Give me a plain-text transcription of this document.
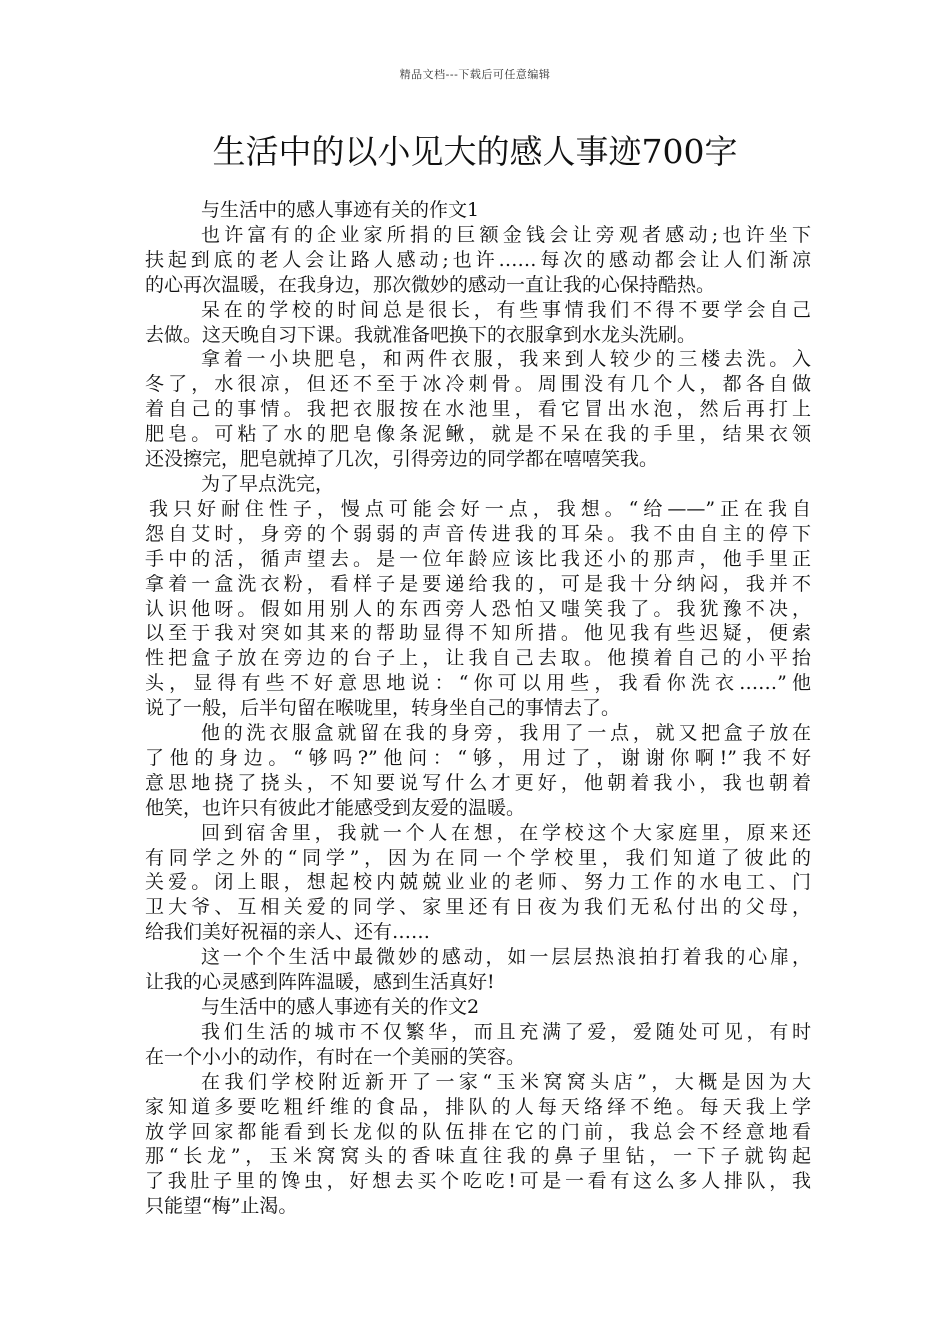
精品文档---下载后可任意编辑
生活中的以小见大的感人事迹700字

与生活中的感人事迹有关的作文1

也许富有的企业家所捐的巨额金钱会让旁观者感动;也许坐下

扶起到底的老人会让路人感动;也许……每次的感动都会让人们渐凉

的心再次温暖，在我身边，那次微妙的感动一直让我的心保持酷热。

呆在的学校的时间总是很长，有些事情我们不得不要学会自己

去做。这天晚自习下课。我就准备吧换下的衣服拿到水龙头洗刷。

拿着一小块肥皂，和两件衣服，我来到人较少的三楼去洗。入

冬了，水很凉，但还不至于冰冷刺骨。周围没有几个人，都各自做

着自己的事情。我把衣服按在水池里，看它冒出水泡，然后再打上

肥皂。可粘了水的肥皂像条泥鳅，就是不呆在我的手里，结果衣领

还没擦完，肥皂就掉了几次，引得旁边的同学都在嘻嘻笑我。

为了早点洗完，

我只好耐住性子，慢点可能会好一点，我想。“给——”正在我自

怨自艾时，身旁的个弱弱的声音传进我的耳朵。我不由自主的停下

手中的活，循声望去。是一位年龄应该比我还小的那声，他手里正

拿着一盒洗衣粉，看样子是要递给我的，可是我十分纳闷，我并不

认识他呀。假如用别人的东西旁人恐怕又嗤笑我了。我犹豫不决，

以至于我对突如其来的帮助显得不知所措。他见我有些迟疑，便索

性把盒子放在旁边的台子上，让我自己去取。他摸着自己的小平抬

头，显得有些不好意思地说：“你可以用些，我看你洗衣……”他

说了一般，后半句留在喉咙里，转身坐自己的事情去了。

他的洗衣服盒就留在我的身旁，我用了一点，就又把盒子放在

了他的身边。“够吗?”他问：“够，用过了，谢谢你啊!”我不好

意思地挠了挠头，不知要说写什么才更好，他朝着我小，我也朝着

他笑，也许只有彼此才能感受到友爱的温暖。

回到宿舍里，我就一个人在想，在学校这个大家庭里，原来还

有同学之外的“同学”，因为在同一个学校里，我们知道了彼此的

关爱。闭上眼，想起校内兢兢业业的老师、努力工作的水电工、门

卫大爷、互相关爱的同学、家里还有日夜为我们无私付出的父母，

给我们美好祝福的亲人、还有……

这一个个生活中最微妙的感动，如一层层热浪拍打着我的心扉，

让我的心灵感到阵阵温暖，感到生活真好!

与生活中的感人事迹有关的作文2

我们生活的城市不仅繁华，而且充满了爱，爱随处可见，有时

在一个小小的动作，有时在一个美丽的笑容。

在我们学校附近新开了一家“玉米窝窝头店”，大概是因为大

家知道多要吃粗纤维的食品，排队的人每天络绎不绝。每天我上学

放学回家都能看到长龙似的队伍排在它的门前，我总会不经意地看

那“长龙”，玉米窝窝头的香味直往我的鼻子里钻，一下子就钩起

了我肚子里的馋虫，好想去买个吃吃!可是一看有这么多人排队，我

只能望“梅”止渴。
